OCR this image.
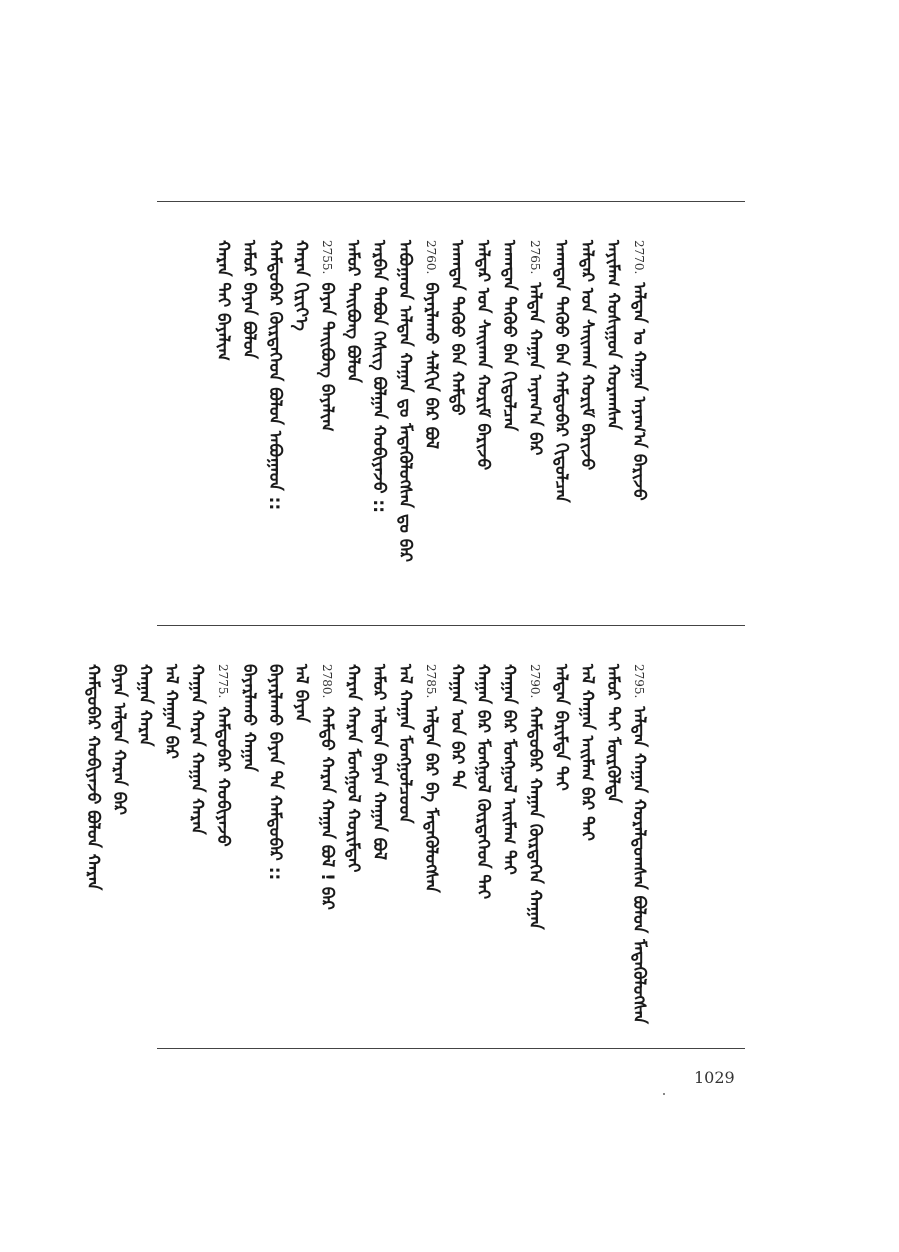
2770.ᠠᠯᠲᠠᠨ ᠣ ᠬᠠᠭᠠᠨ ᠠᠶᠠᠭ᠎ᠠ ᠪᠠᠷᠢᠵᠤ
ᠠᠶᠢᠮᠠᠭ ᠬᠣᠰᠢᠭᠤᠨ ᠬᠤᠷᠠᠭᠰᠠᠨ
ᠠᠯᠳᠠᠷ ᠤᠨ ᠰᠠᠢᠬᠠᠨ ᠬᠣᠷᠢᠮ ᠪᠠᠷᠢᠵᠤ
ᠠᠬᠠᠲᠠᠨ ᠳᠡᠭᠦᠦ ᠪᠡᠨ ᠬᠠᠮᠲᠤᠪᠠᠷ ᠬᠢᠳᠤᠯᠴᠠᠨ
2765.ᠠᠯᠲᠠᠨ ᠬᠠᠭᠠᠨ ᠠᠶᠠᠭ᠎ᠠ ᠪᠠᠷ
ᠠᠬᠠᠲᠠᠨ ᠳᠡᠭᠦᠦ ᠪᠡᠨ ᠬᠢᠳᠤᠯᠴᠠᠨ
ᠠᠯᠳᠠᠷ ᠤᠨ ᠰᠠᠢᠬᠠᠨ ᠬᠣᠷᠢᠮ ᠪᠠᠷᠢᠵᠤ
ᠠᠬᠠᠲᠠᠨ ᠳᠡᠭᠦᠦ ᠪᠡᠨ ᠬᠠᠮᠲᠤ
2760.ᠪᠠᠶᠠᠷᠯᠠᠬᠤ ᠰᠠᠯᠬᠢᠨ ᠪᠠᠷ ᠪᠣᠯ
ᠠᠪᠤᠭᠠᠳ ᠠᠯᠲᠠᠨ ᠬᠠᠭᠠᠨ ᠳᠤ ᠮᠡᠳᠡᠭᠦᠯᠦᠭᠰᠡᠨ ᠳᠤ ᠪᠠᠷ
ᠠᠷᠪᠠᠨ ᠲᠠᠪᠤᠨ ᠬᠡᠰᠢᠭ ᠪᠣᠯᠭᠠᠨ ᠬᠤᠪᠢᠶᠠᠵᠤ ::
ᠠᠮᠤᠷ ᠲᠠᠢᠪᠤᠩ ᠪᠣᠯᠤᠨ
2755.ᠪᠠᠶᠠᠨ ᠲᠠᠢᠪᠤᠩ ᠪᠠᠶᠠᠯᠢᠭ
ᠬᠠᠷᠠᠨ ᠬᠢᠷᠢᠶ᠎ᠡ
ᠬᠠᠮᠲᠤᠪᠠᠷ ᠬᠦᠷᠳᠡᠭᠡᠳ ᠪᠣᠯᠤᠨ ᠠᠪᠤᠭᠠᠳ ::
ᠠᠮᠤᠷ ᠪᠠᠶᠠᠨ ᠪᠣᠯᠤᠨ
ᠬᠠᠷᠠᠨ ᠲᠠᠢ ᠪᠠᠶᠠᠯᠢᠭ
2795.ᠠᠯᠲᠠᠨ ᠬᠠᠭᠠᠨ ᠬᠤᠷᠠᠯᠳᠤᠭᠰᠠᠨ ᠪᠣᠯᠤᠨ ᠮᠡᠳᠡᠭᠦᠯᠦᠭᠰᠡᠨ
ᠠᠮᠤᠷ ᠲᠠᠢ ᠮᠦᠷᠭᠦᠯᠲᠡ
ᠠᠯ ᠬᠠᠭᠠᠨ ᠠᠢᠮᠠᠭ ᠪᠠᠷ ᠲᠠᠢ
ᠠᠯᠲᠠᠨ ᠪᠠᠷᠢᠮᠲᠠ ᠲᠠᠢ
2790.ᠬᠠᠮᠲᠤᠪᠠᠷ ᠬᠠᠭᠠᠨ ᠬᠦᠷᠳᠡᠭᠡᠨ ᠬᠠᠭᠠᠨ
ᠬᠠᠭᠠᠨ ᠪᠠᠷ ᠮᠣᠩᠭᠣᠯ ᠠᠢᠮᠠᠭ ᠲᠠᠢ
ᠬᠠᠭᠠᠨ ᠪᠠᠷ ᠮᠣᠩᠭᠣᠯ ᠬᠦᠷᠳᠡᠭᠡᠳ ᠲᠠᠢ
ᠬᠠᠭᠠᠨ ᠤᠨ ᠪᠠᠷ ᠲᠠ
2785.ᠠᠯᠲᠠᠨ ᠪᠠᠷ ᠪᠠ ᠮᠡᠳᠡᠭᠦᠯᠦᠭᠰᠡᠨ
ᠠᠯ ᠬᠠᠭᠠᠨ ᠮᠣᠩᠭᠣᠯᠴᠤᠳ
ᠠᠮᠤᠷ ᠠᠯᠲᠠᠨ ᠪᠠᠶᠠᠨ ᠬᠠᠭᠠᠨ ᠪᠣᠯ
ᠬᠠᠷᠠᠨ ᠬᠠᠷᠠᠨ ᠮᠣᠩᠭᠣᠯ ᠬᠣᠷᠢᠮᠲᠠᠢ
2780.ᠬᠠᠮᠲᠤ ᠬᠠᠷᠠᠨ ᠬᠠᠭᠠᠨ ᠪᠣᠯ ! ᠪᠠᠷ
ᠠᠯ ᠪᠠᠶᠠᠨ
ᠪᠠᠶᠠᠷᠯᠠᠬᠤ ᠪᠠᠶᠠᠨ ᠲᠠ ᠬᠠᠮᠲᠤᠪᠠᠷ ::
ᠪᠠᠶᠠᠷᠯᠠᠬᠤ ᠬᠠᠭᠠᠨ
2775.ᠬᠠᠮᠲᠤᠪᠠᠷ ᠬᠤᠪᠢᠶᠠᠵᠤ
ᠬᠠᠭᠠᠨ ᠬᠠᠷᠠᠨ ᠬᠠᠭᠠᠨ ᠬᠠᠷᠠᠨ
ᠠᠯ ᠬᠠᠭᠠᠨ ᠪᠠᠷ
ᠬᠠᠭᠠᠨ ᠬᠠᠷᠠᠨ
ᠪᠠᠶᠠᠨ ᠠᠯᠲᠠᠨ ᠬᠠᠷᠠᠨ ᠪᠠᠷ
ᠬᠠᠮᠲᠤᠪᠠᠷ ᠬᠤᠪᠢᠶᠠᠵᠤ ᠪᠣᠯᠤᠨ ᠬᠠᠷᠠᠨ
1029
